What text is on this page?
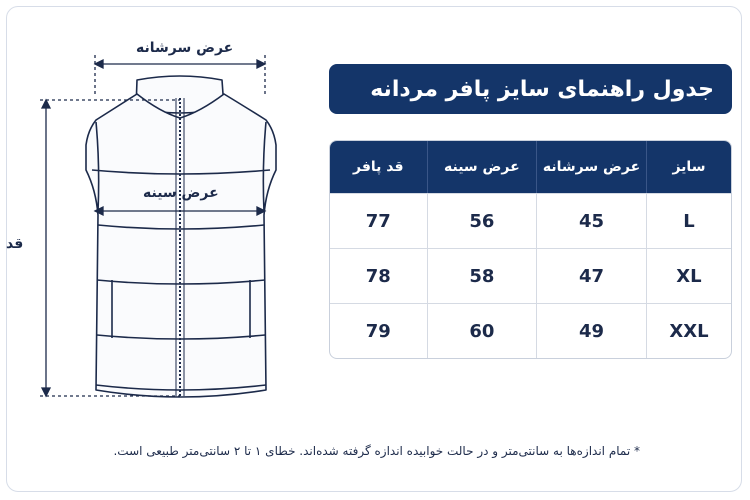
عرض سرشانه
عرض سینه
قد
جدول راهنمای سایز پافر مردانه
سایز	عرض سرشانه	عرض سینه	قد پافر
L	45	56	77
XL	47	58	78
XXL	49	60	79
* تمام اندازه‌ها به سانتی‌متر و در حالت خوابیده اندازه گرفته شده‌اند. خطای ۱ تا ۲ سانتی‌متر طبیعی است.
